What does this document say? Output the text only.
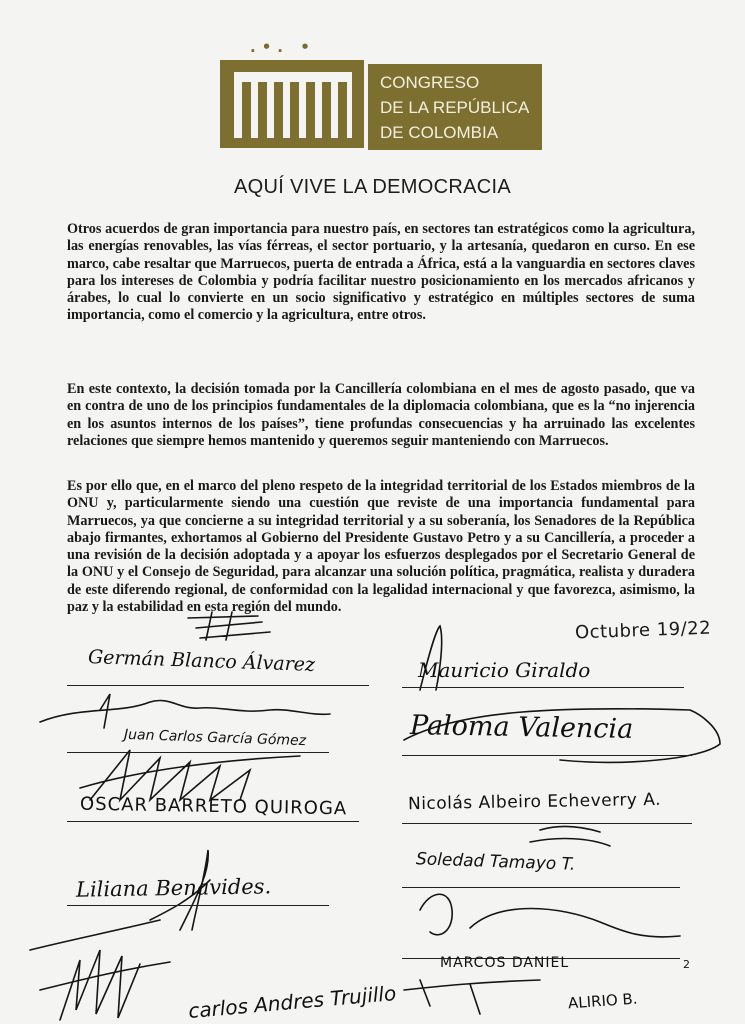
.•. •
CONGRESO
DE LA REPÚBLICA
DE COLOMBIA
AQUÍ VIVE LA DEMOCRACIA

Otros acuerdos de gran importancia para nuestro país, en sectores tan estratégicos como la agricultura, las energías renovables, las vías férreas, el sector portuario, y la artesanía, quedaron en curso. En ese marco, cabe resaltar que Marruecos, puerta de entrada a África, está a la vanguardia en sectores claves para los intereses de Colombia y podría facilitar nuestro posicionamiento en los mercados africanos y árabes, lo cual lo convierte en un socio significativo y estratégico en múltiples sectores de suma importancia, como el comercio y la agricultura, entre otros.

En este contexto, la decisión tomada por la Cancillería colombiana en el mes de agosto pasado, que va en contra de uno de los principios fundamentales de la diplomacia colombiana, que es la “no injerencia en los asuntos internos de los países”, tiene profundas consecuencias y ha arruinado las excelentes relaciones que siempre hemos mantenido y queremos seguir manteniendo con Marruecos.

Es por ello que, en el marco del pleno respeto de la integridad territorial de los Estados miembros de la ONU y, particularmente siendo una cuestión que reviste de una importancia fundamental para Marruecos, ya que concierne a su integridad territorial y a su soberanía, los Senadores de la República abajo firmantes, exhortamos al Gobierno del Presidente Gustavo Petro y a su Cancillería, a proceder a una revisión de la decisión adoptada y a apoyar los esfuerzos desplegados por el Secretario General de la ONU y el Consejo de Seguridad, para alcanzar una solución política, pragmática, realista y duradera de este diferendo regional, de conformidad con la legalidad internacional y que favorezca, asimismo, la paz y la estabilidad en esta región del mundo.

Octubre 19/22
Germán Blanco Álvarez
Juan Carlos García Gómez
OSCAR BARRETO QUIROGA
Liliana Benavides.
carlos Andres Trujillo
Mauricio Giraldo
Paloma Valencia
Nicolás Albeiro Echeverry A.
Soledad Tamayo T.
MARCOS DANIEL
ALIRIO B.
2
